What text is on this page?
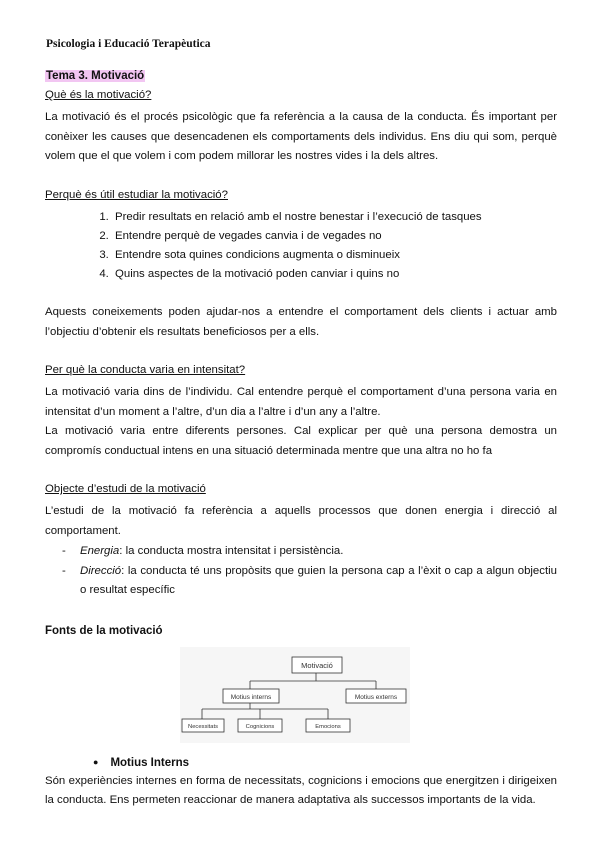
Psicologia i Educació Terapèutica
Tema 3. Motivació
Què és la motivació?

La motivació és el procés psicològic que fa referència a la causa de la conducta. És important per conèixer les causes que desencadenen els comportaments dels individus. Ens diu qui som, perquè volem que el que volem i com podem millorar les nostres vides i la dels altres.

Perquè és útil estudiar la motivació?
1. Predir resultats en relació amb el nostre benestar i l’execució de tasques
2. Entendre perquè de vegades canvia i de vegades no
3. Entendre sota quines condicions augmenta o disminueix
4. Quins aspectes de la motivació poden canviar i quins no

Aquests coneixements poden ajudar-nos a entendre el comportament dels clients i actuar amb l’objectiu d’obtenir els resultats beneficiosos per a ells.

Per què la conducta varia en intensitat?

La motivació varia dins de l’individu. Cal entendre perquè el comportament d’una persona varia en intensitat d’un moment a l’altre, d’un dia a l’altre i d’un any a l’altre.

La motivació varia entre diferents persones. Cal explicar per què una persona demostra un compromís conductual intens en una situació determinada mentre que una altra no ho fa

Objecte d’estudi de la motivació

L’estudi de la motivació fa referència a aquells processos que donen energia i direcció al comportament.

- Energia: la conducta mostra intensitat i persistència.
- Direcció: la conducta té uns propòsits que guien la persona cap a l’èxit o cap a algun objectiu o resultat específic
Fonts de la motivació
Motivació
Motius interns	Motius externs
Necessitats	Cognicions	Emocions
● Motius Interns

Són experiències internes en forma de necessitats, cognicions i emocions que energitzen i dirigeixen la conducta. Ens permeten reaccionar de manera adaptativa als successos importants de la vida.
